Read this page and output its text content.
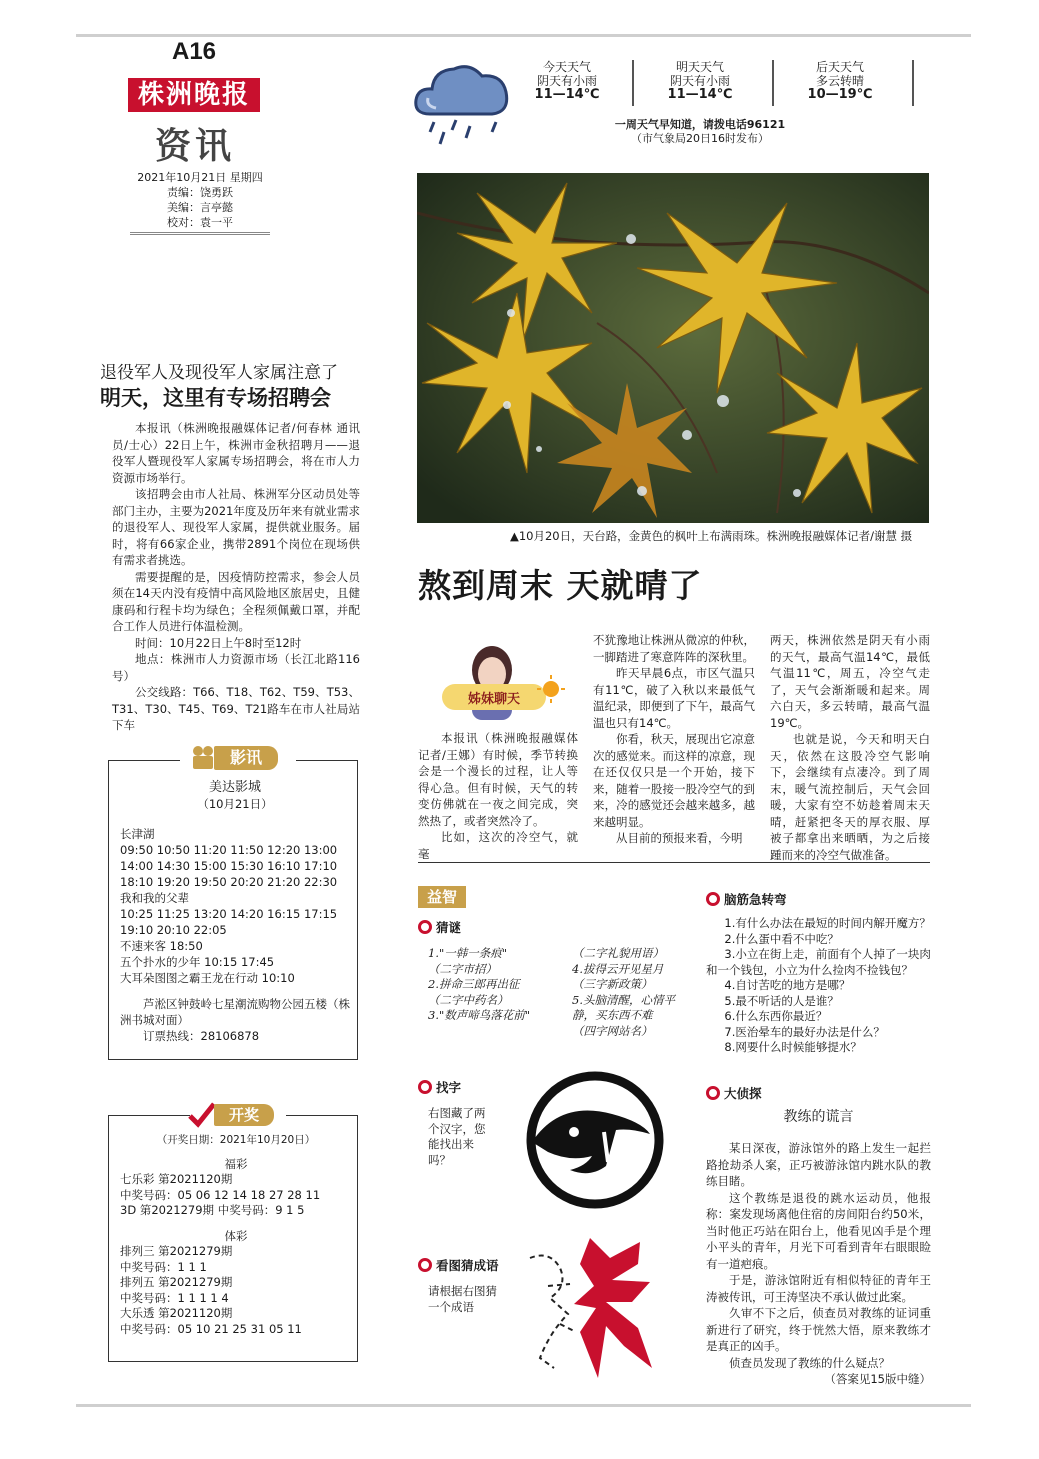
A16
株洲晚报
资讯
2021年10月21日 星期四
责编：饶勇跃
美编：言亭懿
校对：袁一平
今天天气
阴天有小雨
11—14℃
明天天气
阴天有小雨
11—14℃
后天天气
多云转晴
10—19℃
一周天气早知道，请拨电话96121
（市气象局20日16时发布）
▲10月20日，天台路，金黄色的枫叶上布满雨珠。株洲晚报融媒体记者/谢慧 摄
退役军人及现役军人家属注意了
明天，这里有专场招聘会

本报讯（株洲晚报融媒体记者/何春林 通讯员/士心）22日上午，株洲市金秋招聘月——退役军人暨现役军人家属专场招聘会，将在市人力资源市场举行。

该招聘会由市人社局、株洲军分区动员处等部门主办，主要为2021年度及历年来有就业需求的退役军人、现役军人家属，提供就业服务。届时，将有66家企业，携带2891个岗位在现场供有需求者挑选。

需要提醒的是，因疫情防控需求，参会人员须在14天内没有疫情中高风险地区旅居史，且健康码和行程卡均为绿色；全程须佩戴口罩，并配合工作人员进行体温检测。

时间：10月22日上午8时至12时

地点：株洲市人力资源市场（长江北路116号）

公交线路：T66、T18、T62、T59、T53、T31、T30、T45、T69、T21路车在市人社局站下车

熬到周末 天就晴了
姊妹聊天

本报讯（株洲晚报融媒体记者/王娜）有时候，季节转换会是一个漫长的过程，让人等得心急。但有时候，天气的转变仿佛就在一夜之间完成，突然热了，或者突然冷了。

比如，这次的冷空气，就毫

不犹豫地让株洲从微凉的仲秋，一脚踏进了寒意阵阵的深秋里。

昨天早晨6点，市区气温只有11℃，破了入秋以来最低气温纪录，即便到了下午，最高气温也只有14℃。

你看，秋天，展现出它凉意次的感觉来。而这样的凉意，现在还仅仅只是一个开始，接下来，随着一股接一股冷空气的到来，冷的感觉还会越来越多，越来越明显。

从目前的预报来看，今明

两天，株洲依然是阴天有小雨的天气，最高气温14℃，最低气温11℃，周五，冷空气走了，天气会渐渐暖和起来。周六白天，多云转晴，最高气温19℃。

也就是说，今天和明天白天，依然在这股冷空气影响下，会继续有点凄冷。到了周末，暖气流控制后，天气会回暖，大家有空不妨趁着周末天晴，赶紧把冬天的厚衣服、厚被子都拿出来晒晒，为之后接踵而来的冷空气做准备。

影讯
美达影城
（10月21日）
长津湖
09:50 10:50 11:20 11:50 12:20 13:00
14:00 14:30 15:00 15:30 16:10 17:10
18:10 19:20 19:50 20:20 21:20 22:30
我和我的父辈
10:25 11:25 13:20 14:20 16:15 17:15
19:10 20:10 22:05
不速来客 18:50
五个扑水的少年 10:15 17:45
大耳朵图图之霸王龙在行动 10:10
芦淞区钟鼓岭七星潮流购物公园五楼（株洲书城对面）
订票热线：28106878
开奖
（开奖日期：2021年10月20日）
福彩
七乐彩 第2021120期
中奖号码：05 06 12 14 18 27 28 11
3D 第2021279期 中奖号码：9 1 5
体彩
排列三 第2021279期
中奖号码：1 1 1
排列五 第2021279期
中奖号码：1 1 1 1 4
大乐透 第2021120期
中奖号码：05 10 21 25 31 05 11
益智
猜谜
1."一韩一条痕"
（二字市招）
2.拼命三郎再出征
（二字中药名）
3."数声啼鸟落花前"
（二字礼貌用语）
4.拔得云开见星月
（三字新政策）
5.头脑清醒，心情平静，买东西不难
（四字网站名）
脑筋急转弯
1.有什么办法在最短的时间内解开魔方？
2.什么蛋中看不中吃？
3.小立在街上走，前面有个人掉了一块肉和一个钱包，小立为什么捡肉不捡钱包？
4.自讨苦吃的地方是哪？
5.最不听话的人是谁？
6.什么东西你最近？
7.医治晕车的最好办法是什么？
8.网要什么时候能够提水？
找字
右图藏了两个汉字，您能找出来吗？
看图猜成语
请根据右图猜一个成语
大侦探
教练的谎言

某日深夜，游泳馆外的路上发生一起拦路抢劫杀人案，正巧被游泳馆内跳水队的教练目睹。

这个教练是退役的跳水运动员，他报称：案发现场离他住宿的房间阳台约50米，当时他正巧站在阳台上，他看见凶手是个理小平头的青年，月光下可看到青年右眼眼睑有一道疤痕。

于是，游泳馆附近有相似特征的青年王涛被传讯，可王涛坚决不承认做过此案。

久审不下之后，侦查员对教练的证词重新进行了研究，终于恍然大悟，原来教练才是真正的凶手。

侦查员发现了教练的什么疑点？

（答案见15版中缝）
